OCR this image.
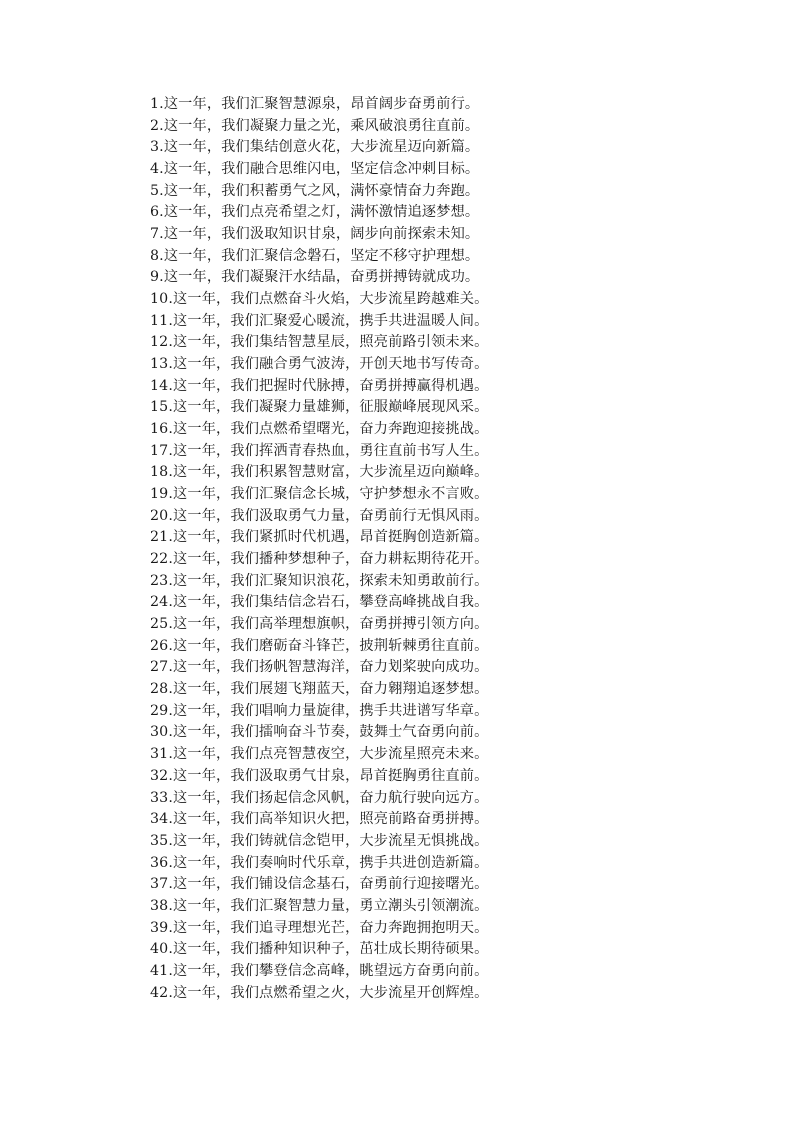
1.这一年，我们汇聚智慧源泉，昂首阔步奋勇前行。
2.这一年，我们凝聚力量之光，乘风破浪勇往直前。
3.这一年，我们集结创意火花，大步流星迈向新篇。
4.这一年，我们融合思维闪电，坚定信念冲刺目标。
5.这一年，我们积蓄勇气之风，满怀豪情奋力奔跑。
6.这一年，我们点亮希望之灯，满怀激情追逐梦想。
7.这一年，我们汲取知识甘泉，阔步向前探索未知。
8.这一年，我们汇聚信念磐石，坚定不移守护理想。
9.这一年，我们凝聚汗水结晶，奋勇拼搏铸就成功。
10.这一年，我们点燃奋斗火焰，大步流星跨越难关。
11.这一年，我们汇聚爱心暖流，携手共进温暖人间。
12.这一年，我们集结智慧星辰，照亮前路引领未来。
13.这一年，我们融合勇气波涛，开创天地书写传奇。
14.这一年，我们把握时代脉搏，奋勇拼搏赢得机遇。
15.这一年，我们凝聚力量雄狮，征服巅峰展现风采。
16.这一年，我们点燃希望曙光，奋力奔跑迎接挑战。
17.这一年，我们挥洒青春热血，勇往直前书写人生。
18.这一年，我们积累智慧财富，大步流星迈向巅峰。
19.这一年，我们汇聚信念长城，守护梦想永不言败。
20.这一年，我们汲取勇气力量，奋勇前行无惧风雨。
21.这一年，我们紧抓时代机遇，昂首挺胸创造新篇。
22.这一年，我们播种梦想种子，奋力耕耘期待花开。
23.这一年，我们汇聚知识浪花，探索未知勇敢前行。
24.这一年，我们集结信念岩石，攀登高峰挑战自我。
25.这一年，我们高举理想旗帜，奋勇拼搏引领方向。
26.这一年，我们磨砺奋斗锋芒，披荆斩棘勇往直前。
27.这一年，我们扬帆智慧海洋，奋力划桨驶向成功。
28.这一年，我们展翅飞翔蓝天，奋力翱翔追逐梦想。
29.这一年，我们唱响力量旋律，携手共进谱写华章。
30.这一年，我们擂响奋斗节奏，鼓舞士气奋勇向前。
31.这一年，我们点亮智慧夜空，大步流星照亮未来。
32.这一年，我们汲取勇气甘泉，昂首挺胸勇往直前。
33.这一年，我们扬起信念风帆，奋力航行驶向远方。
34.这一年，我们高举知识火把，照亮前路奋勇拼搏。
35.这一年，我们铸就信念铠甲，大步流星无惧挑战。
36.这一年，我们奏响时代乐章，携手共进创造新篇。
37.这一年，我们铺设信念基石，奋勇前行迎接曙光。
38.这一年，我们汇聚智慧力量，勇立潮头引领潮流。
39.这一年，我们追寻理想光芒，奋力奔跑拥抱明天。
40.这一年，我们播种知识种子，茁壮成长期待硕果。
41.这一年，我们攀登信念高峰，眺望远方奋勇向前。
42.这一年，我们点燃希望之火，大步流星开创辉煌。
